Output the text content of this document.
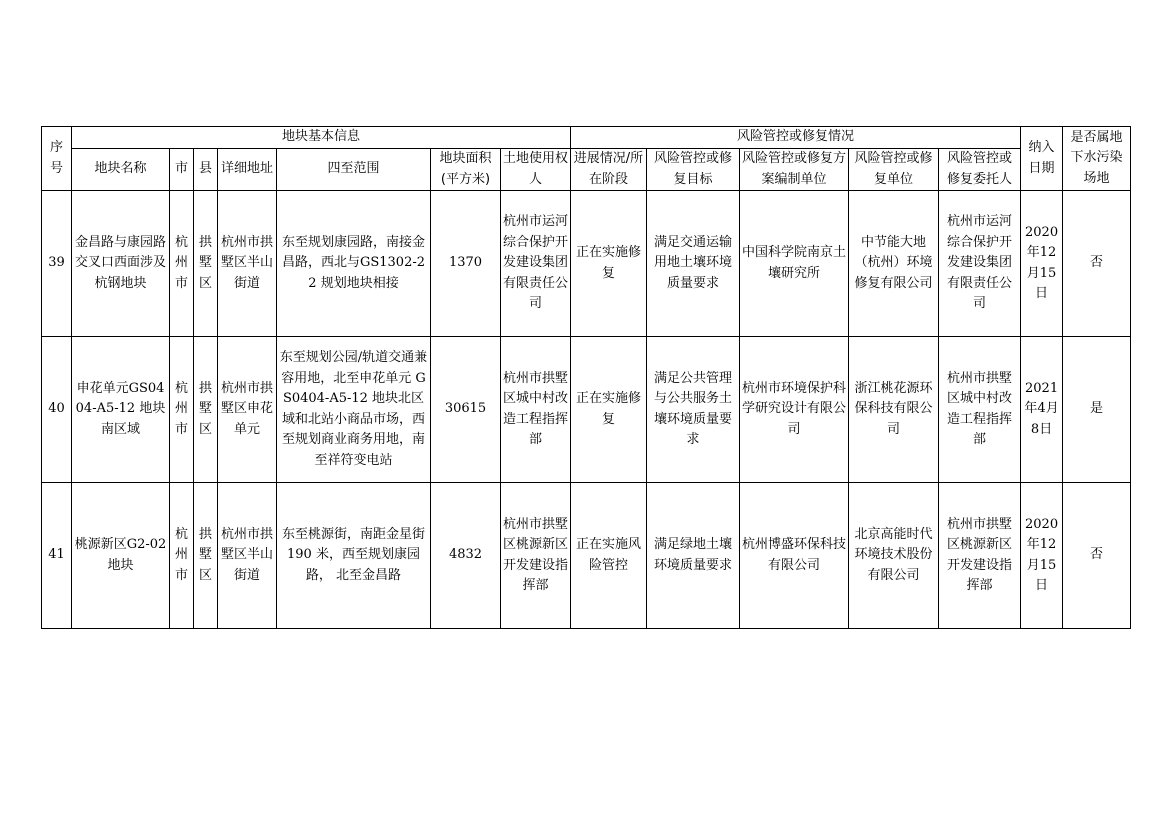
序号	地块基本信息							风险管控或修复情况					纳入日期	是否属地下水污染场地
	地块名称	市	县	详细地址	四至范围	地块面积(平方米)	土地使用权人	进展情况/所在阶段	风险管控或修复目标	风险管控或修复方案编制单位	风险管控或修复单位	风险管控或修复委托人		
39	金昌路与康园路交叉口西面涉及杭钢地块	杭州市	拱墅区	杭州市拱墅区半山街道	东至规划康园路，南接金昌路，西北与GS1302-22 规划地块相接	1370	杭州市运河综合保护开发建设集团有限责任公司	正在实施修复	满足交通运输用地土壤环境质量要求	中国科学院南京土壤研究所	中节能大地（杭州）环境修复有限公司	杭州市运河综合保护开发建设集团有限责任公司	2020年12月15日	否
40	申花单元GS0404-A5-12 地块南区域	杭州市	拱墅区	杭州市拱墅区申花单元	东至规划公园/轨道交通兼容用地，北至申花单元 GS0404-A5-12 地块北区域和北站小商品市场，西至规划商业商务用地，南至祥符变电站	30615	杭州市拱墅区城中村改造工程指挥部	正在实施修复	满足公共管理与公共服务土壤环境质量要求	杭州市环境保护科学研究设计有限公司	浙江桃花源环保科技有限公司	杭州市拱墅区城中村改造工程指挥部	2021年4月8日	是
41	桃源新区G2-02 地块	杭州市	拱墅区	杭州市拱墅区半山街道	东至桃源街，南距金星街 190 米，西至规划康园路， 北至金昌路	4832	杭州市拱墅区桃源新区开发建设指挥部	正在实施风险管控	满足绿地土壤环境质量要求	杭州博盛环保科技有限公司	北京高能时代环境技术股份有限公司	杭州市拱墅区桃源新区开发建设指挥部	2020年12月15日	否
